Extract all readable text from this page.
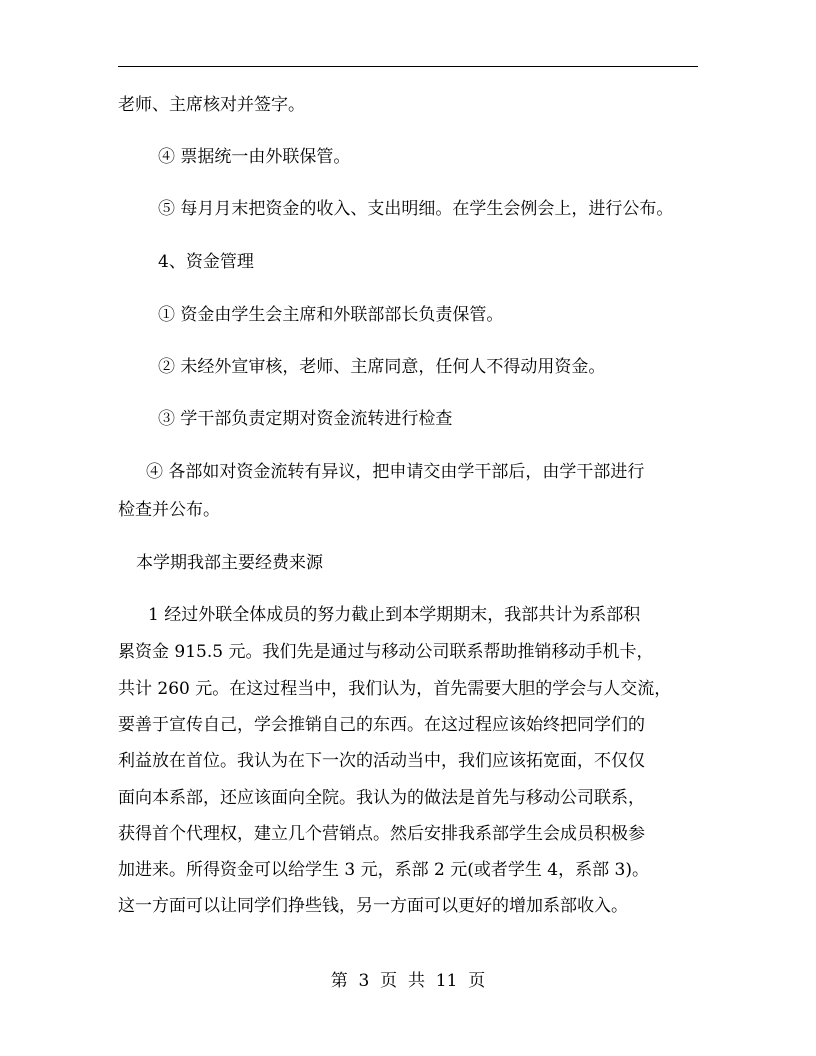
老师、主席核对并签字。
④ 票据统一由外联保管。
⑤ 每月月末把资金的收入、支出明细。在学生会例会上，进行公布。
4、资金管理
① 资金由学生会主席和外联部部长负责保管。
② 未经外宣审核，老师、主席同意，任何人不得动用资金。
③ 学干部负责定期对资金流转进行检查
④ 各部如对资金流转有异议，把申请交由学干部后，由学干部进行
检查并公布。
本学期我部主要经费来源
1 经过外联全体成员的努力截止到本学期期末，我部共计为系部积
累资金 915.5 元。我们先是通过与移动公司联系帮助推销移动手机卡，
共计 260 元。在这过程当中，我们认为，首先需要大胆的学会与人交流，
要善于宣传自己，学会推销自己的东西。在这过程应该始终把同学们的
利益放在首位。我认为在下一次的活动当中，我们应该拓宽面，不仅仅
面向本系部，还应该面向全院。我认为的做法是首先与移动公司联系，
获得首个代理权，建立几个营销点。然后安排我系部学生会成员积极参
加进来。所得资金可以给学生 3 元，系部 2 元(或者学生 4，系部 3)。
这一方面可以让同学们挣些钱，另一方面可以更好的增加系部收入。
第  3  页  共  11  页
